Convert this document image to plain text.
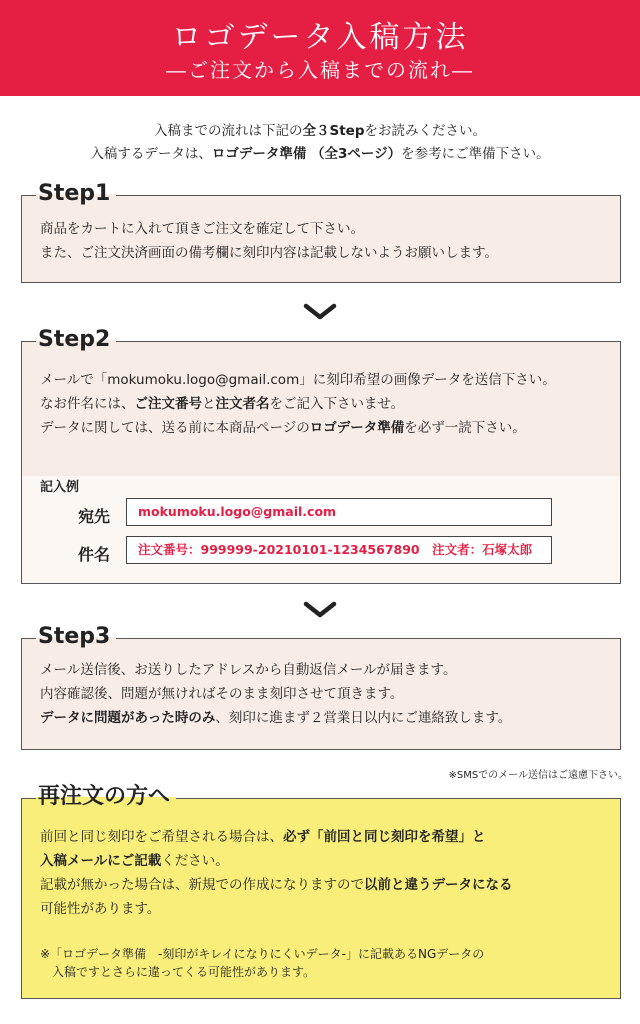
ロゴデータ入稿方法
―ご注文から入稿までの流れ―
入稿までの流れは下記の全３Stepをお読みください。
入稿するデータは、ロゴデータ準備 （全3ページ）を参考にご準備下さい。
Step1
商品をカートに入れて頂きご注文を確定して下さい。
また、ご注文決済画面の備考欄に刻印内容は記載しないようお願いします。
Step2
メールで「mokumoku.logo@gmail.com」に刻印希望の画像データを送信下さい。
なお件名には、ご注文番号と注文者名をご記入下さいませ。
データに関しては、送る前に本商品ページのロゴデータ準備を必ず一読下さい。
記入例
宛先	mokumoku.logo@gmail.com
件名	注文番号：999999-20210101-1234567890　注文者：石塚太郎
Step3
メール送信後、お送りしたアドレスから自動返信メールが届きます。
内容確認後、問題が無ければそのまま刻印させて頂きます。
データに問題があった時のみ、刻印に進まず２営業日以内にご連絡致します。
※SMSでのメール送信はご遠慮下さい。
再注文の方へ
前回と同じ刻印をご希望される場合は、必ず「前回と同じ刻印を希望」と
入稿メールにご記載ください。
記載が無かった場合は、新規での作成になりますので以前と違うデータになる
可能性があります。
※「ロゴデータ準備　-刻印がキレイになりにくいデータ-」に記載あるNGデータの
　入稿ですとさらに違ってくる可能性があります。
